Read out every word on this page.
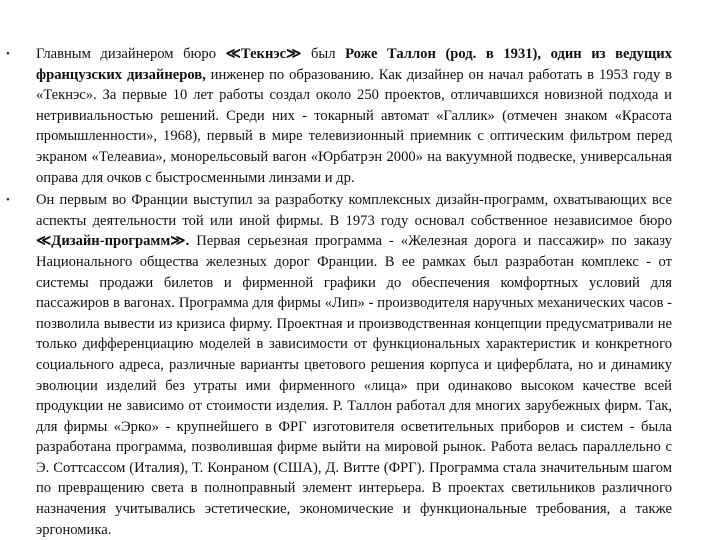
• Главным дизайнером бюро ≪Текнэс≫ был Роже Таллон (род. в 1931), один из ведущих французских дизайнеров, инженер по образованию. Как дизайнер он начал работать в 1953 году в «Текнэс». За первые 10 лет работы создал около 250 проектов, отличавшихся новизной подхода и нетривиальностью решений. Среди них - токарный автомат «Галлик» (отмечен знаком «Красота промышленности», 1968), первый в мире телевизионный приемник с оптическим фильтром перед экраном «Телеавиа», монорельсовый вагон «Юрбатрэн 2000» на вакуумной подвеске, универсальная оправа для очков с быстросменными линзами и др.
• Он первым во Франции выступил за разработку комплексных дизайн-программ, охватывающих все аспекты деятельности той или иной фирмы. В 1973 году основал собственное независимое бюро ≪Дизайн-программ≫. Первая серьезная программа - «Железная дорога и пассажир» по заказу Национального общества железных дорог Франции. В ее рамках был разработан комплекс - от системы продажи билетов и фирменной графики до обеспечения комфортных условий для пассажиров в вагонах. Программа для фирмы «Лип» - производителя наручных механических часов - позволила вывести из кризиса фирму. Проектная и производственная концепции предусматривали не только дифференциацию моделей в зависимости от функциональных характеристик и конкретного социального адреса, различные варианты цветового решения корпуса и циферблата, но и динамику эволюции изделий без утраты ими фирменного «лица» при одинаково высоком качестве всей продукции не зависимо от стоимости изделия. Р. Таллон работал для многих зарубежных фирм. Так, для фирмы «Эрко» - крупнейшего в ФРГ изготовителя осветительных приборов и систем - была разработана программа, позволившая фирме выйти на мировой рынок. Работа велась параллельно с Э. Соттсассом (Италия), Т. Конраном (США), Д. Витте (ФРГ). Программа стала значительным шагом по превращению света в полноправный элемент интерьера. В проектах светильников различного назначения учитывались эстетические, экономические и функциональные требования, а также эргономика.
